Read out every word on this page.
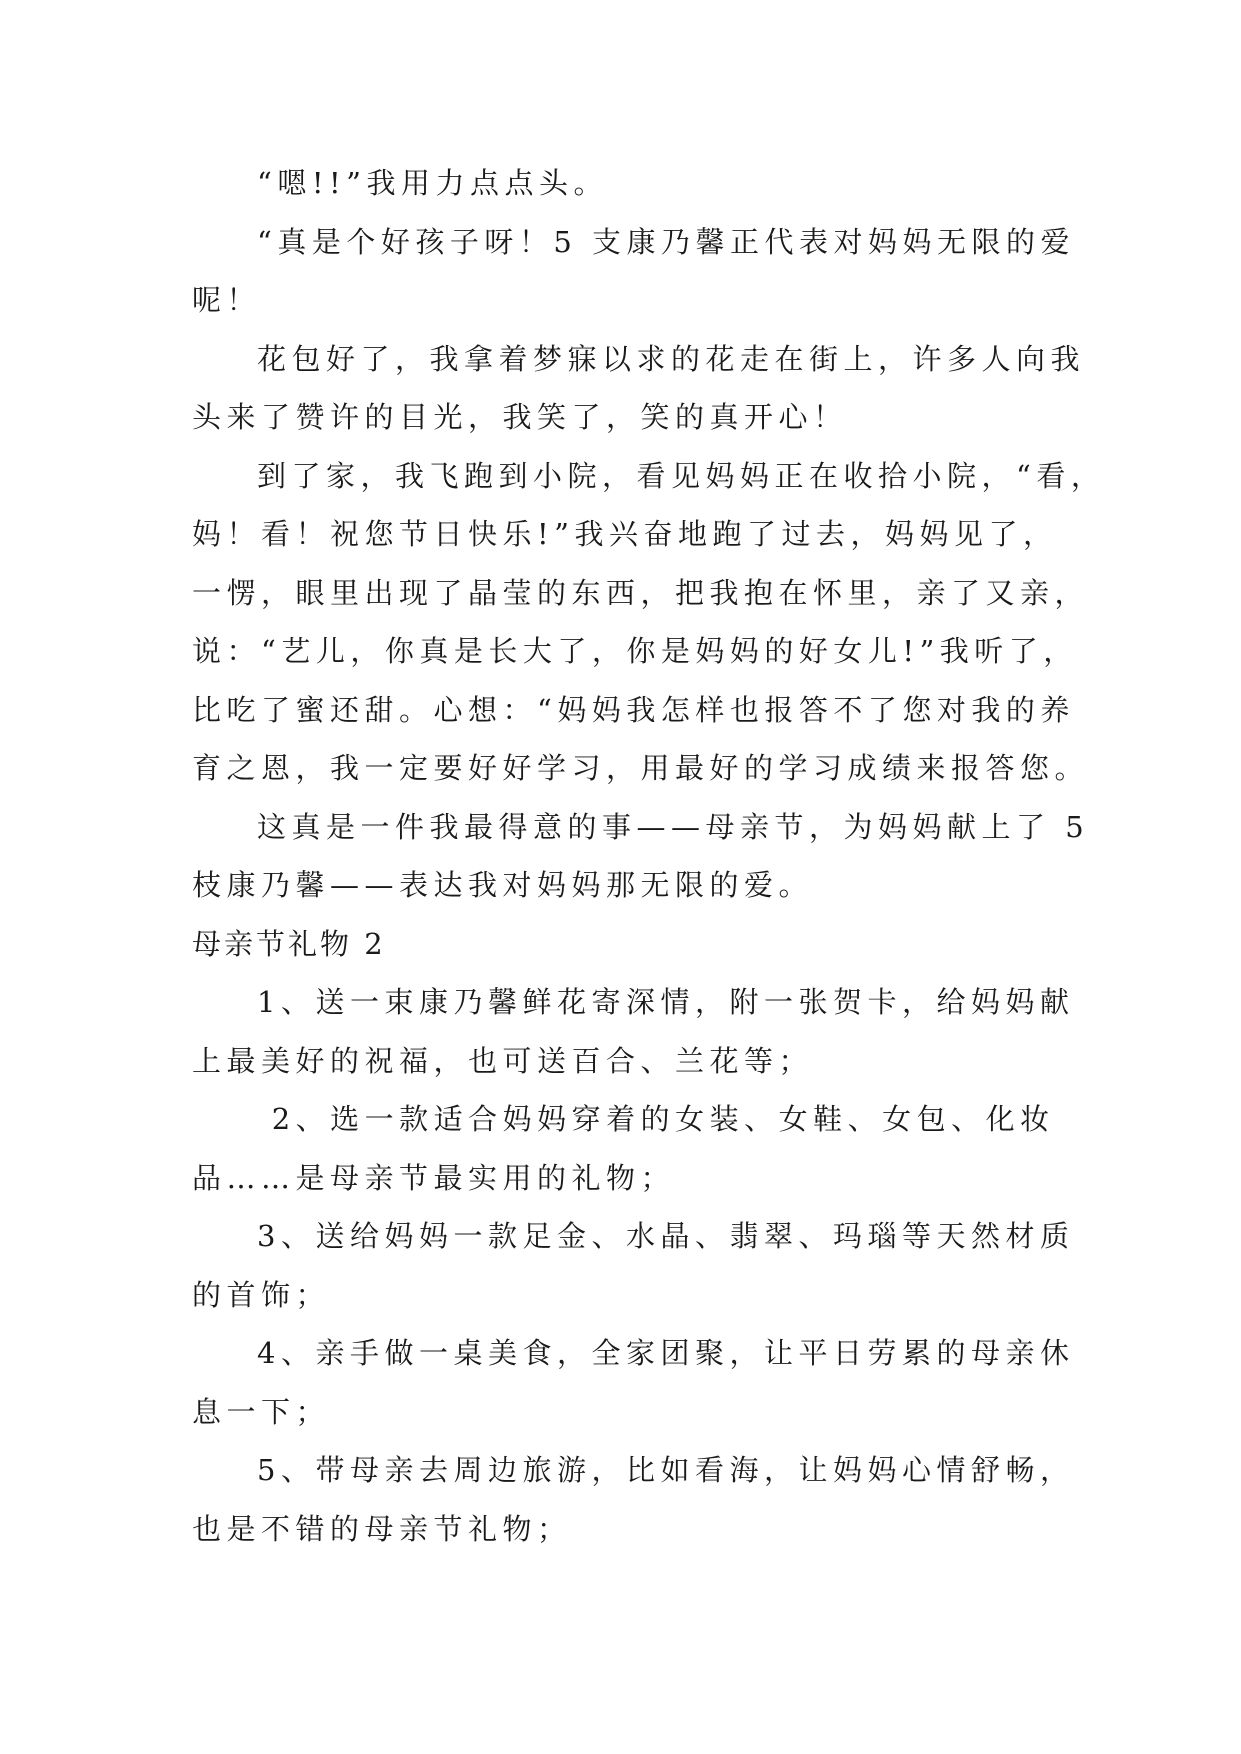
“嗯!!”我用力点点头。

“真是个好孩子呀！5 支康乃馨正代表对妈妈无限的爱
呢！

花包好了，我拿着梦寐以求的花走在街上，许多人向我
头来了赞许的目光，我笑了，笑的真开心！

到了家，我飞跑到小院，看见妈妈正在收拾小院，“看，
妈！看！祝您节日快乐!”我兴奋地跑了过去，妈妈见了，
一愣，眼里出现了晶莹的东西，把我抱在怀里，亲了又亲，
说：“艺儿，你真是长大了，你是妈妈的好女儿!”我听了，
比吃了蜜还甜。心想：“妈妈我怎样也报答不了您对我的养
育之恩，我一定要好好学习，用最好的学习成绩来报答您。

这真是一件我最得意的事——母亲节，为妈妈献上了 5
枝康乃馨——表达我对妈妈那无限的爱。

母亲节礼物 2

1、送一束康乃馨鲜花寄深情，附一张贺卡，给妈妈献
上最美好的祝福，也可送百合、兰花等；

2、选一款适合妈妈穿着的女装、女鞋、女包、化妆
品……是母亲节最实用的礼物；

3、送给妈妈一款足金、水晶、翡翠、玛瑙等天然材质
的首饰；

4、亲手做一桌美食，全家团聚，让平日劳累的母亲休
息一下；

5、带母亲去周边旅游，比如看海，让妈妈心情舒畅，
也是不错的母亲节礼物；
